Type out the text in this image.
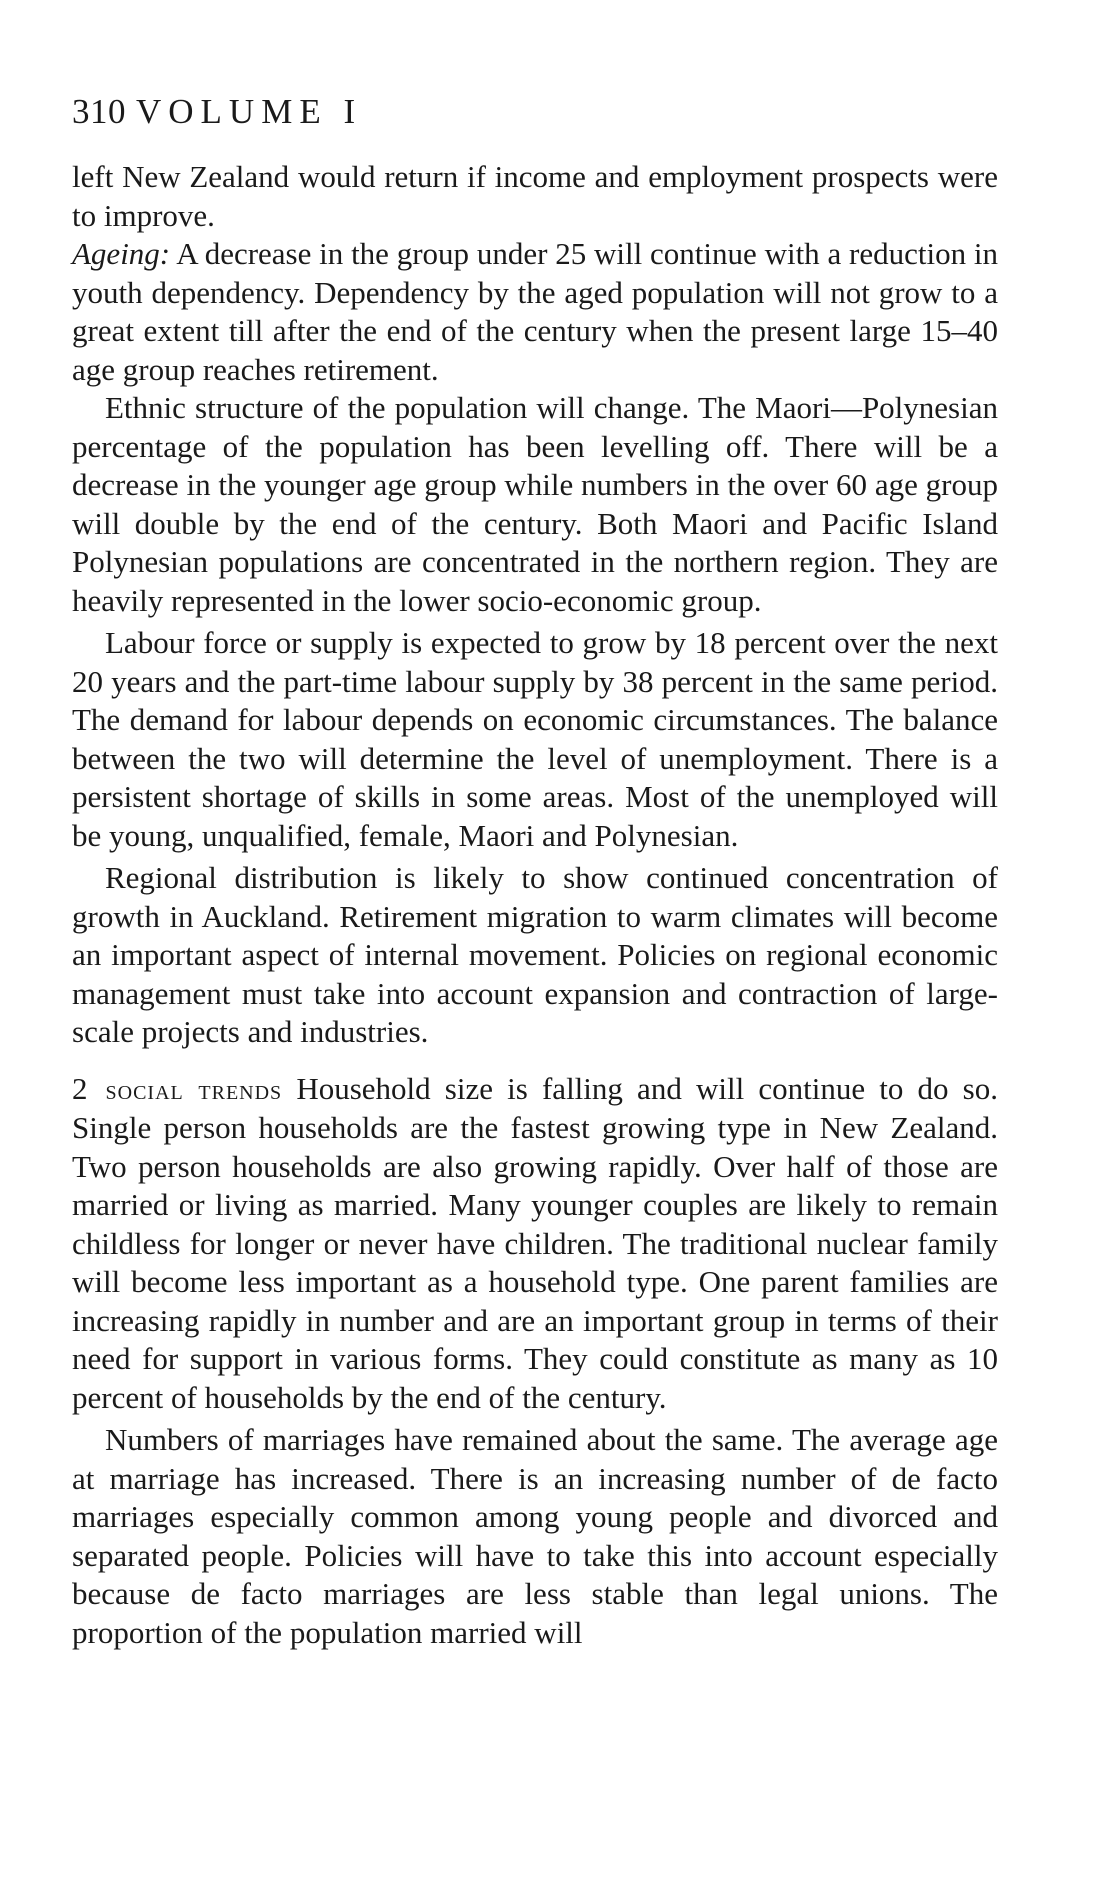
310 VOLUME I

left New Zealand would return if income and employment prospects were to improve.

Ageing: A decrease in the group under 25 will continue with a reduction in youth dependency. Dependency by the aged population will not grow to a great extent till after the end of the century when the present large 15–40 age group reaches retirement.

Ethnic structure of the population will change. The Maori—Polynesian percentage of the population has been levelling off. There will be a decrease in the younger age group while numbers in the over 60 age group will double by the end of the century. Both Maori and Pacific Island Polynesian populations are concentrated in the northern region. They are heavily represented in the lower socio-economic group.

Labour force or supply is expected to grow by 18 percent over the next 20 years and the part-time labour supply by 38 percent in the same period. The demand for labour depends on economic circumstances. The balance between the two will determine the level of unemployment. There is a persistent shortage of skills in some areas. Most of the unemployed will be young, unqualified, female, Maori and Polynesian.

Regional distribution is likely to show continued concentration of growth in Auckland. Retirement migration to warm climates will become an important aspect of internal movement. Policies on regional economic management must take into account expansion and contraction of large-scale projects and industries.

2 social trends Household size is falling and will continue to do so. Single person households are the fastest growing type in New Zealand. Two person households are also growing rapidly. Over half of those are married or living as married. Many younger couples are likely to remain childless for longer or never have children. The traditional nuclear family will become less important as a household type. One parent families are increasing rapidly in number and are an important group in terms of their need for support in various forms. They could constitute as many as 10 percent of households by the end of the century.

Numbers of marriages have remained about the same. The average age at marriage has increased. There is an increasing number of de facto marriages especially common among young people and divorced and separated people. Policies will have to take this into account especially because de facto marriages are less stable than legal unions. The proportion of the population married will
